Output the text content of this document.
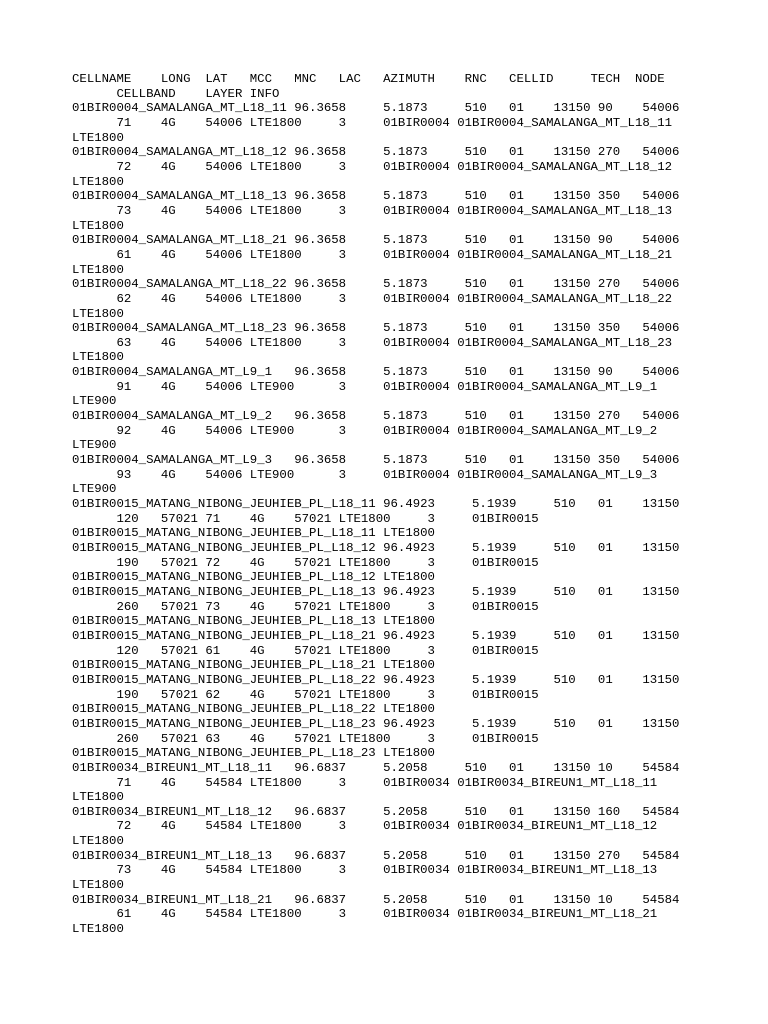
CELLNAME    LONG  LAT   MCC   MNC   LAC   AZIMUTH    RNC   CELLID     TECH  NODE
CELLBAND    LAYER INFO
01BIR0004_SAMALANGA_MT_L18_11 96.3658     5.1873     510   01    13150 90    54006
71    4G    54006 LTE1800     3     01BIR0004 01BIR0004_SAMALANGA_MT_L18_11
LTE1800
01BIR0004_SAMALANGA_MT_L18_12 96.3658     5.1873     510   01    13150 270   54006
72    4G    54006 LTE1800     3     01BIR0004 01BIR0004_SAMALANGA_MT_L18_12
LTE1800
01BIR0004_SAMALANGA_MT_L18_13 96.3658     5.1873     510   01    13150 350   54006
73    4G    54006 LTE1800     3     01BIR0004 01BIR0004_SAMALANGA_MT_L18_13
LTE1800
01BIR0004_SAMALANGA_MT_L18_21 96.3658     5.1873     510   01    13150 90    54006
61    4G    54006 LTE1800     3     01BIR0004 01BIR0004_SAMALANGA_MT_L18_21
LTE1800
01BIR0004_SAMALANGA_MT_L18_22 96.3658     5.1873     510   01    13150 270   54006
62    4G    54006 LTE1800     3     01BIR0004 01BIR0004_SAMALANGA_MT_L18_22
LTE1800
01BIR0004_SAMALANGA_MT_L18_23 96.3658     5.1873     510   01    13150 350   54006
63    4G    54006 LTE1800     3     01BIR0004 01BIR0004_SAMALANGA_MT_L18_23
LTE1800
01BIR0004_SAMALANGA_MT_L9_1   96.3658     5.1873     510   01    13150 90    54006
91    4G    54006 LTE900      3     01BIR0004 01BIR0004_SAMALANGA_MT_L9_1
LTE900
01BIR0004_SAMALANGA_MT_L9_2   96.3658     5.1873     510   01    13150 270   54006
92    4G    54006 LTE900      3     01BIR0004 01BIR0004_SAMALANGA_MT_L9_2
LTE900
01BIR0004_SAMALANGA_MT_L9_3   96.3658     5.1873     510   01    13150 350   54006
93    4G    54006 LTE900      3     01BIR0004 01BIR0004_SAMALANGA_MT_L9_3
LTE900
01BIR0015_MATANG_NIBONG_JEUHIEB_PL_L18_11 96.4923     5.1939     510   01    13150
120   57021 71    4G    57021 LTE1800     3     01BIR0015
01BIR0015_MATANG_NIBONG_JEUHIEB_PL_L18_11 LTE1800
01BIR0015_MATANG_NIBONG_JEUHIEB_PL_L18_12 96.4923     5.1939     510   01    13150
190   57021 72    4G    57021 LTE1800     3     01BIR0015
01BIR0015_MATANG_NIBONG_JEUHIEB_PL_L18_12 LTE1800
01BIR0015_MATANG_NIBONG_JEUHIEB_PL_L18_13 96.4923     5.1939     510   01    13150
260   57021 73    4G    57021 LTE1800     3     01BIR0015
01BIR0015_MATANG_NIBONG_JEUHIEB_PL_L18_13 LTE1800
01BIR0015_MATANG_NIBONG_JEUHIEB_PL_L18_21 96.4923     5.1939     510   01    13150
120   57021 61    4G    57021 LTE1800     3     01BIR0015
01BIR0015_MATANG_NIBONG_JEUHIEB_PL_L18_21 LTE1800
01BIR0015_MATANG_NIBONG_JEUHIEB_PL_L18_22 96.4923     5.1939     510   01    13150
190   57021 62    4G    57021 LTE1800     3     01BIR0015
01BIR0015_MATANG_NIBONG_JEUHIEB_PL_L18_22 LTE1800
01BIR0015_MATANG_NIBONG_JEUHIEB_PL_L18_23 96.4923     5.1939     510   01    13150
260   57021 63    4G    57021 LTE1800     3     01BIR0015
01BIR0015_MATANG_NIBONG_JEUHIEB_PL_L18_23 LTE1800
01BIR0034_BIREUN1_MT_L18_11   96.6837     5.2058     510   01    13150 10    54584
71    4G    54584 LTE1800     3     01BIR0034 01BIR0034_BIREUN1_MT_L18_11
LTE1800
01BIR0034_BIREUN1_MT_L18_12   96.6837     5.2058     510   01    13150 160   54584
72    4G    54584 LTE1800     3     01BIR0034 01BIR0034_BIREUN1_MT_L18_12
LTE1800
01BIR0034_BIREUN1_MT_L18_13   96.6837     5.2058     510   01    13150 270   54584
73    4G    54584 LTE1800     3     01BIR0034 01BIR0034_BIREUN1_MT_L18_13
LTE1800
01BIR0034_BIREUN1_MT_L18_21   96.6837     5.2058     510   01    13150 10    54584
61    4G    54584 LTE1800     3     01BIR0034 01BIR0034_BIREUN1_MT_L18_21
LTE1800
